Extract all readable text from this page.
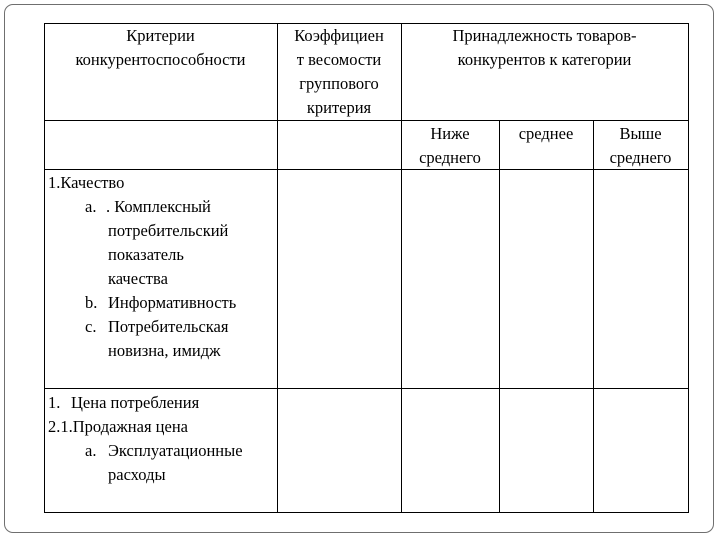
Критерии
конкурентоспособности
Коэффициен
т весомости
группового
критерия
Принадлежность товаров-
конкурентов к категории
Ниже
среднего
среднее	Выше
среднего
1.Качество
a. . Комплексный
потребительский
показатель
качества
b. Информативность
c. Потребительская
новизна, имидж
1. Цена потребления
2.1.Продажная цена
a. Эксплуатационные
расходы
